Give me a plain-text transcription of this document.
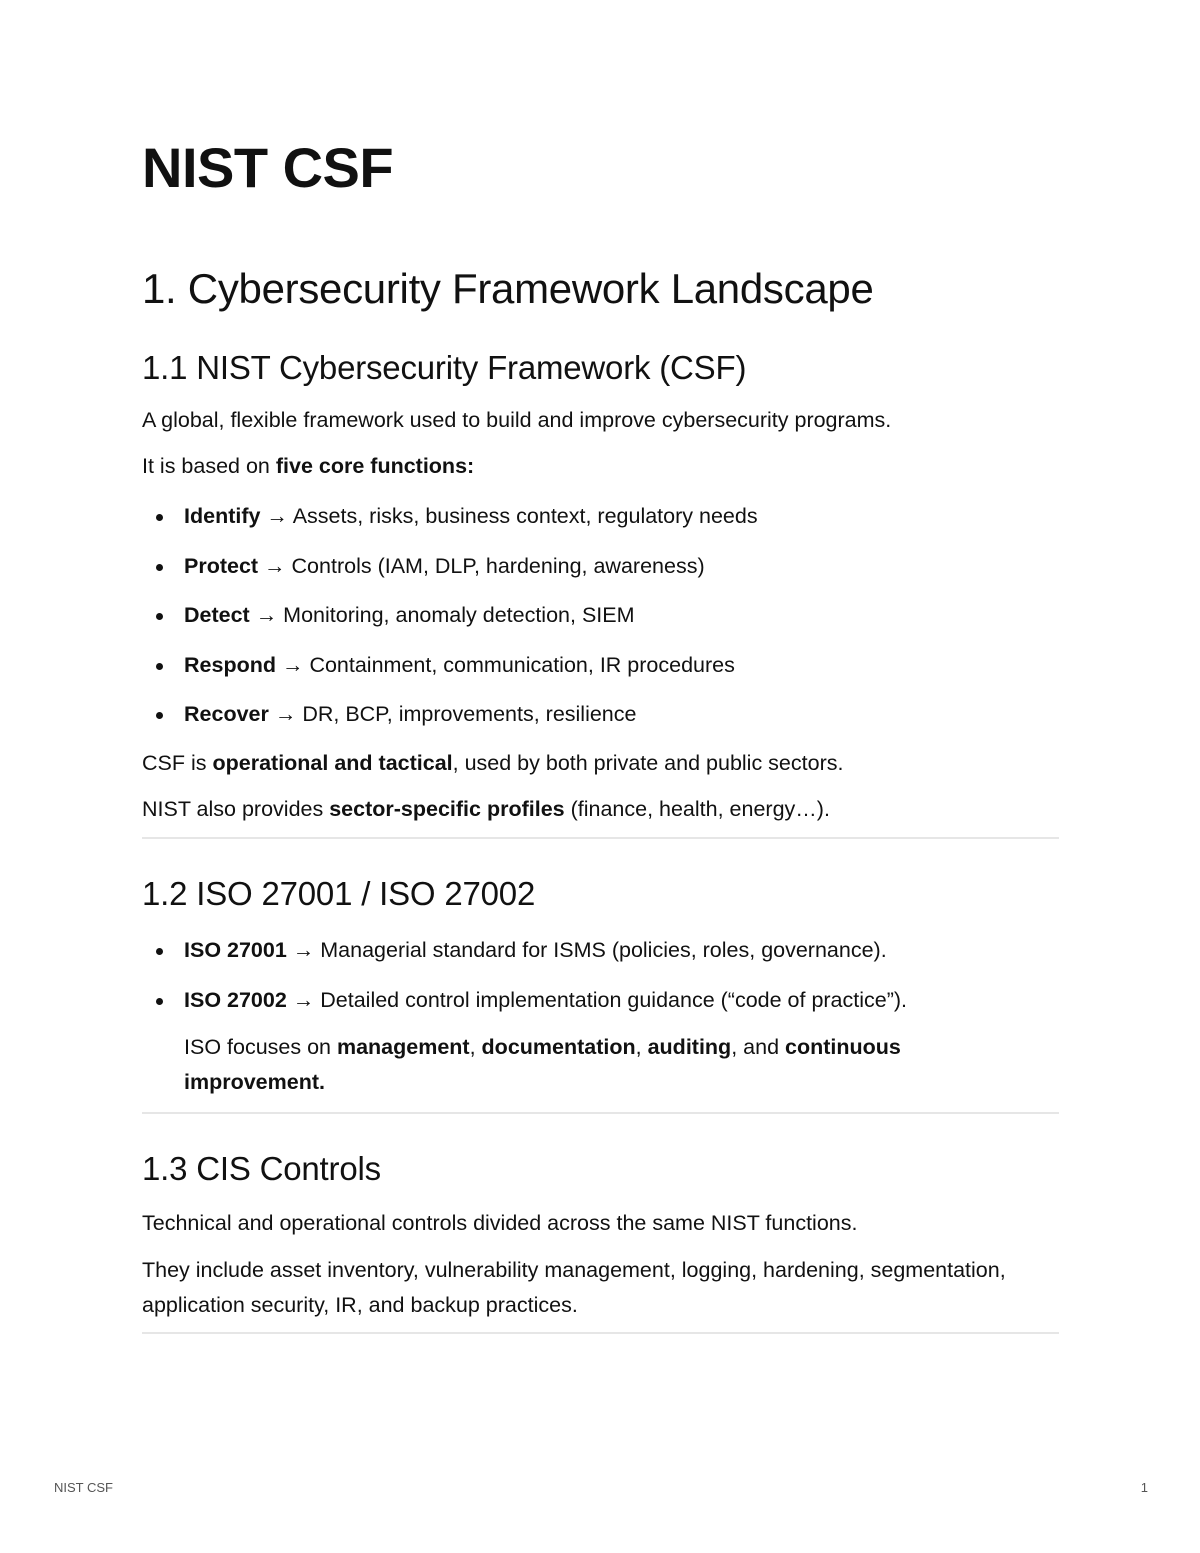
NIST CSF
1. Cybersecurity Framework Landscape
1.1 NIST Cybersecurity Framework (CSF)

A global, flexible framework used to build and improve cybersecurity programs.

It is based on five core functions:

Identify → Assets, risks, business context, regulatory needs
Protect → Controls (IAM, DLP, hardening, awareness)
Detect → Monitoring, anomaly detection, SIEM
Respond → Containment, communication, IR procedures
Recover → DR, BCP, improvements, resilience

CSF is operational and tactical, used by both private and public sectors.

NIST also provides sector-specific profiles (finance, health, energy…).

1.2 ISO 27001 / ISO 27002
ISO 27001 → Managerial standard for ISMS (policies, roles, governance).
ISO 27002 → Detailed control implementation guidance (“code of practice”).

ISO focuses on management, documentation, auditing, and continuous improvement.

1.3 CIS Controls

Technical and operational controls divided across the same NIST functions.

They include asset inventory, vulnerability management, logging, hardening, segmentation, application security, IR, and backup practices.

NIST CSF	1
